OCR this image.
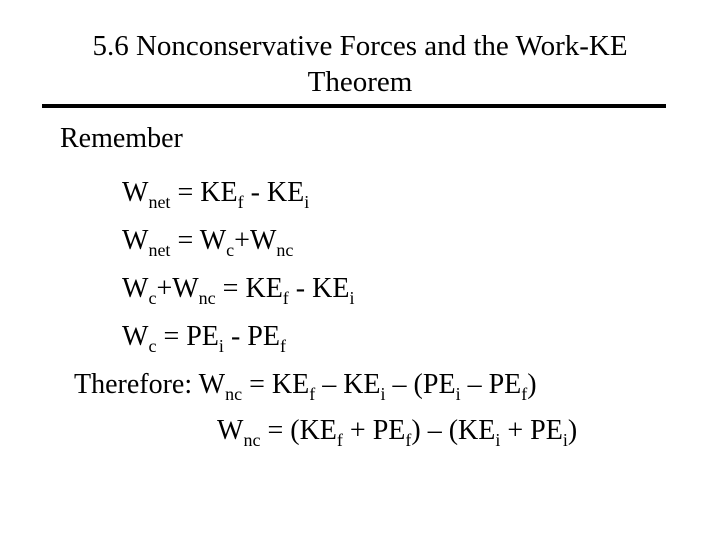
5.6 Nonconservative Forces and the Work-KE
Theorem
Remember
$W_{net} = KE_f - KE_i$
$W_{net} = W_c+W_{nc}$
$W_c+W_{nc} = KE_f - KE_i$
$W_c = PE_i - PE_f$
Therefore: $W_{nc} = KE_f - KE_i - (PE_i - PE_f)$
$W_{nc} = (KE_f + PE_f) - (KE_i + PE_i)$
